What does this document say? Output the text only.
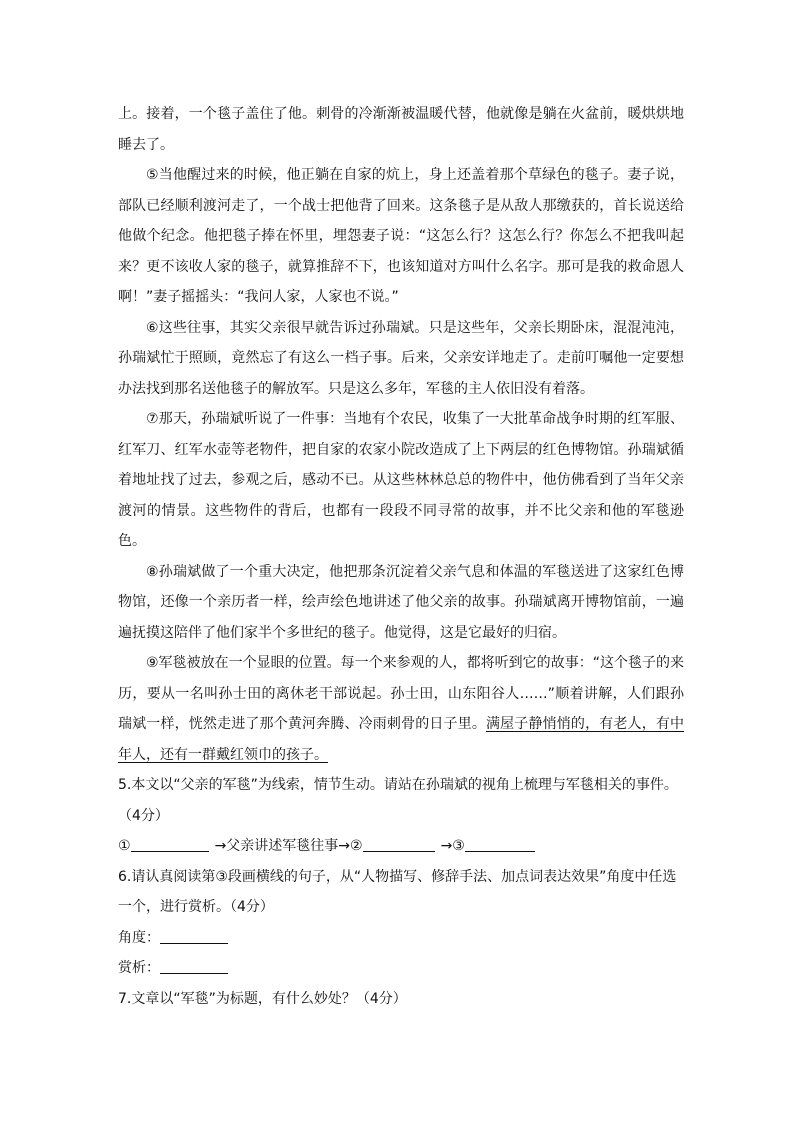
上。接着，一个毯子盖住了他。刺骨的冷渐渐被温暖代替，他就像是躺在火盆前，暖烘烘地睡去了。

⑤当他醒过来的时候，他正躺在自家的炕上，身上还盖着那个草绿色的毯子。妻子说，部队已经顺利渡河走了，一个战士把他背了回来。这条毯子是从敌人那缴获的，首长说送给他做个纪念。他把毯子捧在怀里，埋怨妻子说：“这怎么行？这怎么行？你怎么不把我叫起来？更不该收人家的毯子，就算推辞不下，也该知道对方叫什么名字。那可是我的救命恩人啊！”妻子摇摇头：“我问人家，人家也不说。”

⑥这些往事，其实父亲很早就告诉过孙瑞斌。只是这些年，父亲长期卧床，混混沌沌，孙瑞斌忙于照顾，竟然忘了有这么一档子事。后来，父亲安详地走了。走前叮嘱他一定要想办法找到那名送他毯子的解放军。只是这么多年，军毯的主人依旧没有着落。

⑦那天，孙瑞斌听说了一件事：当地有个农民，收集了一大批革命战争时期的红军服、红军刀、红军水壶等老物件，把自家的农家小院改造成了上下两层的红色博物馆。孙瑞斌循着地址找了过去，参观之后，感动不已。从这些林林总总的物件中，他仿佛看到了当年父亲渡河的情景。这些物件的背后，也都有一段段不同寻常的故事，并不比父亲和他的军毯逊色。

⑧孙瑞斌做了一个重大决定，他把那条沉淀着父亲气息和体温的军毯送进了这家红色博物馆，还像一个亲历者一样，绘声绘色地讲述了他父亲的故事。孙瑞斌离开博物馆前，一遍遍抚摸这陪伴了他们家半个多世纪的毯子。他觉得，这是它最好的归宿。

⑨军毯被放在一个显眼的位置。每一个来参观的人，都将听到它的故事：“这个毯子的来历，要从一名叫孙士田的离休老干部说起。孙士田，山东阳谷人……”顺着讲解，人们跟孙瑞斌一样，恍然走进了那个黄河奔腾、冷雨刺骨的日子里。满屋子静悄悄的，有老人，有中年人，还有一群戴红领巾的孩子。

5.本文以“父亲的军毯”为线索，情节生动。请站在孙瑞斌的视角上梳理与军毯相关的事件。
（4分）
①	→父亲讲述军毯往事→②	→③
6.请认真阅读第③段画横线的句子，从“人物描写、修辞手法、加点词表达效果”角度中任选
一个，进行赏析。（4分）
角度：
赏析：
7.文章以“军毯”为标题，有什么妙处？（4分）
